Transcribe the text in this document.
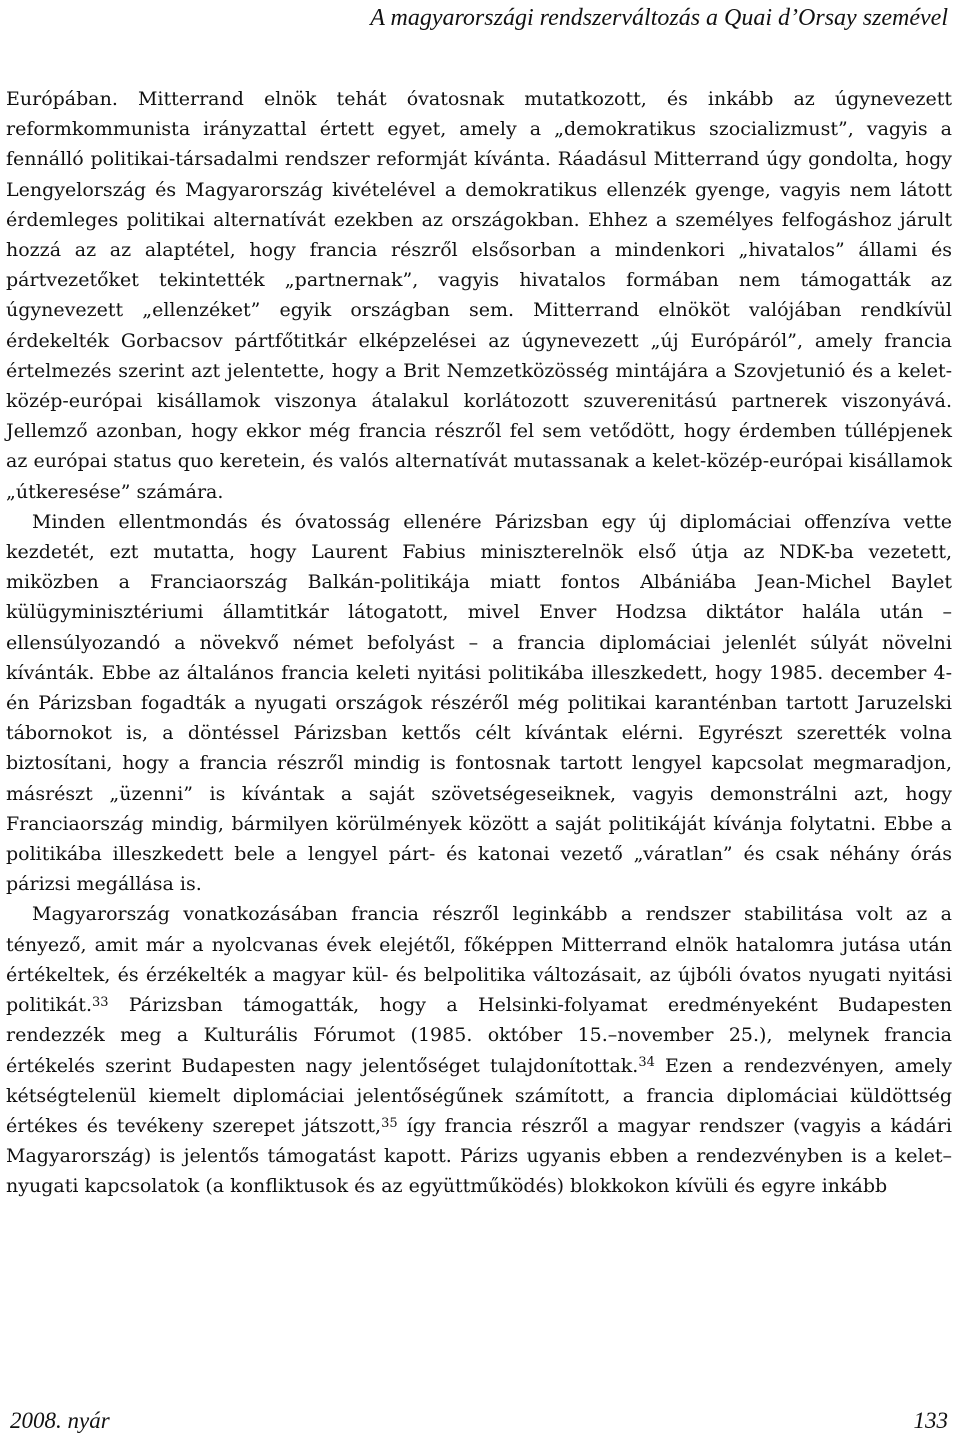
A magyarországi rendszerváltozás a Quai d’Orsay szemével

Európában. Mitterrand elnök tehát óvatosnak mutatkozott, és inkább az úgynevezett reformkommunista irányzattal értett egyet, amely a „demokratikus szocializmust”, vagyis a fennálló politikai-társadalmi rendszer reformját kívánta. Ráadásul Mitterrand úgy gondolta, hogy Lengyelország és Magyarország kivételével a demokratikus ellenzék gyenge, vagyis nem látott érdemleges politikai alternatívát ezekben az országokban. Ehhez a személyes felfogáshoz járult hozzá az az alaptétel, hogy francia részről elsősorban a mindenkori „hivatalos” állami és pártvezetőket tekintették „partnernak”, vagyis hivatalos formában nem támogatták az úgynevezett „ellenzéket” egyik országban sem. Mitterrand elnököt valójában rendkívül érdekelték Gorbacsov pártfőtitkár elképzelései az úgynevezett „új Európáról”, amely francia értelmezés szerint azt jelentette, hogy a Brit Nemzetközösség mintájára a Szovjetunió és a kelet-közép-európai kisállamok viszonya átalakul korlátozott szuverenitású partnerek viszonyává. Jellemző azonban, hogy ekkor még francia részről fel sem vetődött, hogy érdemben túllépjenek az európai status quo keretein, és valós alternatívát mutassanak a kelet-közép-európai kisállamok „útkeresése” számára.

Minden ellentmondás és óvatosság ellenére Párizsban egy új diplomáciai offenzíva vette kezdetét, ezt mutatta, hogy Laurent Fabius miniszterelnök első útja az NDK-ba vezetett, miközben a Franciaország Balkán-politikája miatt fontos Albániába Jean-Michel Baylet külügyminisztériumi államtitkár látogatott, mivel Enver Hodzsa diktátor halála után – ellensúlyozandó a növekvő német befolyást – a francia diplomáciai jelenlét súlyát növelni kívánták. Ebbe az általános francia keleti nyitási politikába illeszkedett, hogy 1985. december 4-én Párizsban fogadták a nyugati országok részéről még politikai karanténban tartott Jaruzelski tábornokot is, a döntéssel Párizsban kettős célt kívántak elérni. Egyrészt szerették volna biztosítani, hogy a francia részről mindig is fontosnak tartott lengyel kapcsolat megmaradjon, másrészt „üzenni” is kívántak a saját szövetségeseiknek, vagyis demonstrálni azt, hogy Franciaország mindig, bármilyen körülmények között a saját politikáját kívánja folytatni. Ebbe a politikába illeszkedett bele a lengyel párt- és katonai vezető „váratlan” és csak néhány órás párizsi megállása is.

Magyarország vonatkozásában francia részről leginkább a rendszer stabilitása volt az a tényező, amit már a nyolcvanas évek elejétől, főképpen Mitterrand elnök hatalomra jutása után értékeltek, és érzékelték a magyar kül- és belpolitika változásait, az újbóli óvatos nyugati nyitási politikát.$^{33}$ Párizsban támogatták, hogy a Helsinki-folyamat eredményeként Budapesten rendezzék meg a Kulturális Fórumot (1985. október 15.–november 25.), melynek francia értékelés szerint Budapesten nagy jelentőséget tulajdonítottak.$^{34}$ Ezen a rendezvényen, amely kétségtelenül kiemelt diplomáciai jelentőségűnek számított, a francia diplomáciai küldöttség értékes és tevékeny szerepet játszott,$^{35}$ így francia részről a magyar rendszer (vagyis a kádári Magyarország) is jelentős támogatást kapott. Párizs ugyanis ebben a rendezvényben is a kelet–nyugati kapcsolatok (a konfliktusok és az együttműködés) blokkokon kívüli és egyre inkább

2008. nyár	133
